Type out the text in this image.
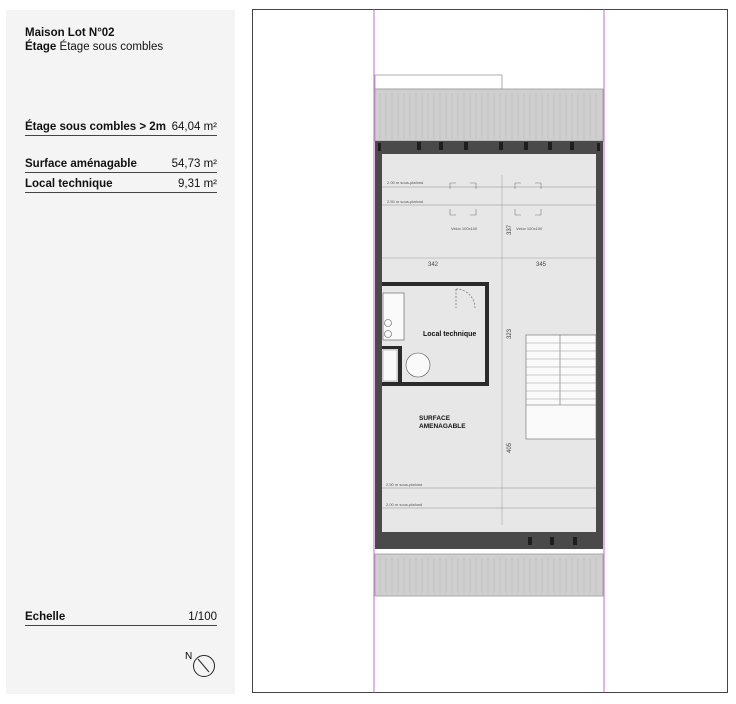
Maison Lot N°02
Étage Étage sous combles
Étage sous combles > 2m 64,04 m²
Surface aménagable	54,73 m²
Local technique	9,31 m²
Echelle	1/100
N
2.00 m sous-plafond
2.50 m sous-plafond
2.50 m sous-plafond
2.00 m sous-plafond
Velux 100x100	Velux 100x100
342	345
337
323
405
Local technique
SURFACE
AMENAGABLE
